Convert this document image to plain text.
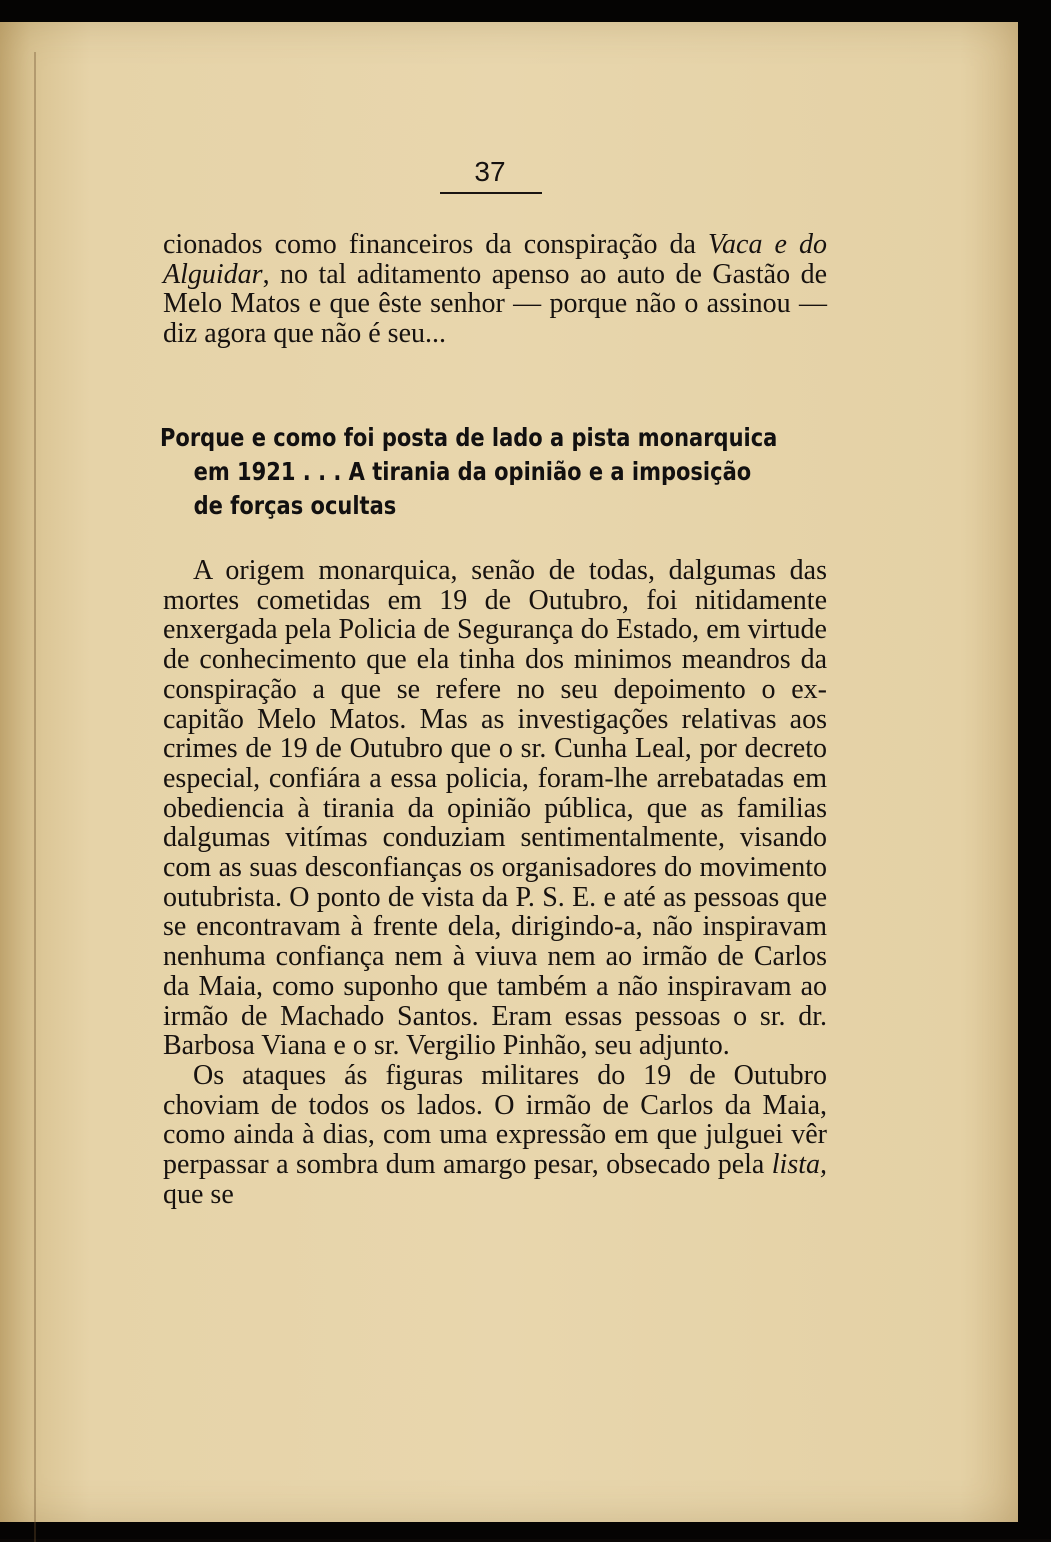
37

cionados como financeiros da conspiração da Vaca e do Alguidar, no tal aditamento apenso ao auto de Gastão de Melo Matos e que êste senhor — porque não o assinou — diz agora que não é seu...

Porque e como foi posta de lado a pista monarquica
em 1921 . . . A tirania da opinião e a imposição
de forças ocultas

A origem monarquica, senão de todas, dalgumas das mortes cometidas em 19 de Outubro, foi nitidamente enxergada pela Policia de Segurança do Estado, em virtude de conhecimento que ela tinha dos minimos meandros da conspiração a que se refere no seu depoimento o ex-capitão Melo Matos. Mas as investigações relativas aos crimes de 19 de Outubro que o sr. Cunha Leal, por decreto especial, confiára a essa policia, foram-lhe arrebatadas em obediencia à tirania da opinião pública, que as familias dalgumas vitímas conduziam sentimentalmente, visando com as suas desconfianças os organisadores do movimento outubrista. O ponto de vista da P. S. E. e até as pessoas que se encontravam à frente dela, dirigindo-a, não inspiravam nenhuma confiança nem à viuva nem ao irmão de Carlos da Maia, como suponho que também a não inspiravam ao irmão de Machado Santos. Eram essas pessoas o sr. dr. Barbosa Viana e o sr. Vergilio Pinhão, seu adjunto.

Os ataques ás figuras militares do 19 de Outubro choviam de todos os lados. O irmão de Carlos da Maia, como ainda à dias, com uma expressão em que julguei vêr perpassar a sombra dum amargo pesar, obsecado pela lista, que se
